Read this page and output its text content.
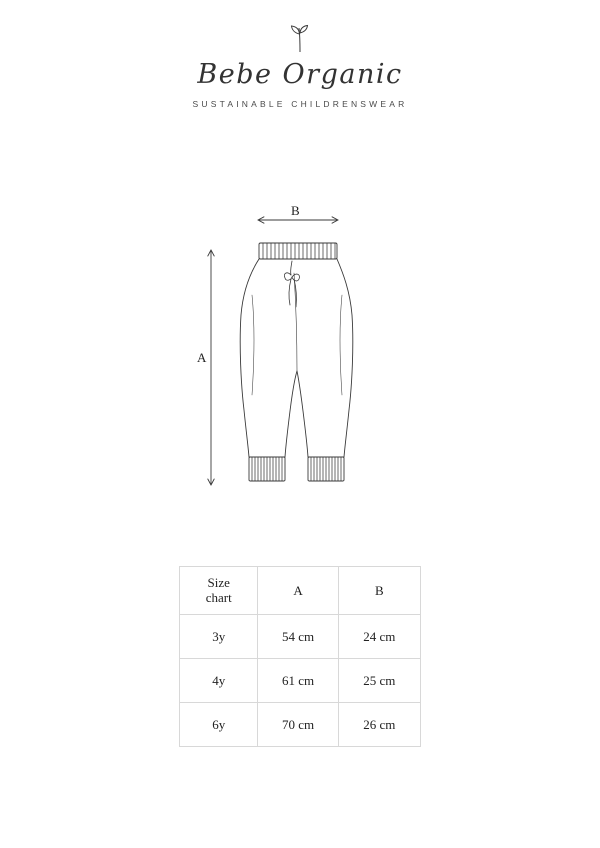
Bebe Organic
SUSTAINABLE CHILDRENSWEAR
B
A
Size
chart	A	B
3y	54 cm	24 cm
4y	61 cm	25 cm
6y	70 cm	26 cm
